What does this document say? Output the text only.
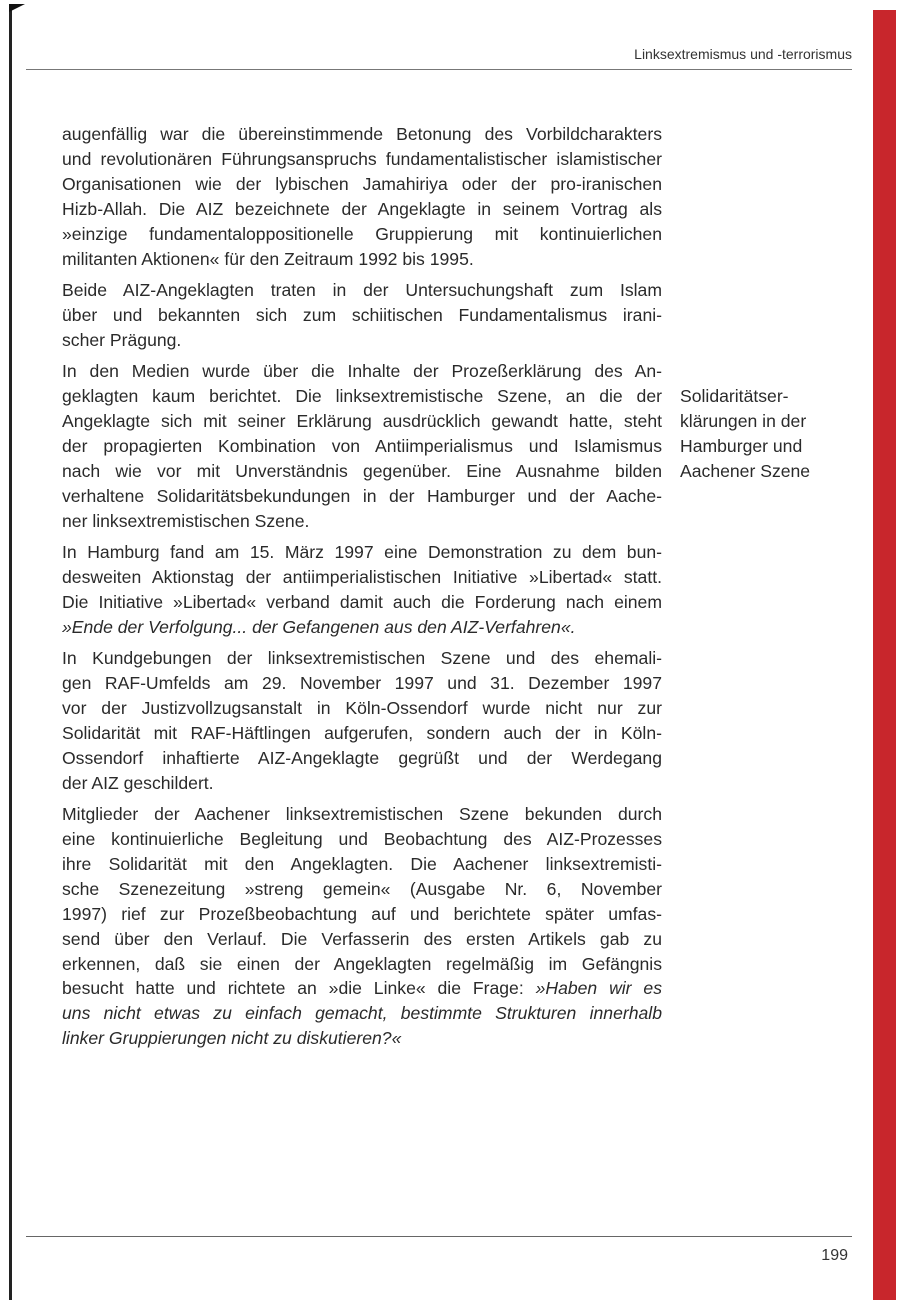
Linksextremismus und -terrorismus
augenfällig war die übereinstimmende Betonung des Vorbildcharakters
und revolutionären Führungsanspruchs fundamentalistischer islamistischer
Organisationen wie der lybischen Jamahiriya oder der pro-iranischen
Hizb-Allah. Die AIZ bezeichnete der Angeklagte in seinem Vortrag als
»einzige fundamentaloppositionelle Gruppierung mit kontinuierlichen
militanten Aktionen« für den Zeitraum 1992 bis 1995.
Beide AIZ-Angeklagten traten in der Untersuchungshaft zum Islam
über und bekannten sich zum schiitischen Fundamentalismus irani-
scher Prägung.
In den Medien wurde über die Inhalte der Prozeßerklärung des An-
geklagten kaum berichtet. Die linksextremistische Szene, an die der
Angeklagte sich mit seiner Erklärung ausdrücklich gewandt hatte, steht
der propagierten Kombination von Antiimperialismus und Islamismus
nach wie vor mit Unverständnis gegenüber. Eine Ausnahme bilden
verhaltene Solidaritätsbekundungen in der Hamburger und der Aache-
ner linksextremistischen Szene.
In Hamburg fand am 15. März 1997 eine Demonstration zu dem bun-
desweiten Aktionstag der antiimperialistischen Initiative »Libertad« statt.
Die Initiative »Libertad« verband damit auch die Forderung nach einem
»Ende der Verfolgung... der Gefangenen aus den AIZ-Verfahren«.
In Kundgebungen der linksextremistischen Szene und des ehemali-
gen RAF-Umfelds am 29. November 1997 und 31. Dezember 1997
vor der Justizvollzugsanstalt in Köln-Ossendorf wurde nicht nur zur
Solidarität mit RAF-Häftlingen aufgerufen, sondern auch der in Köln-
Ossendorf inhaftierte AIZ-Angeklagte gegrüßt und der Werdegang
der AIZ geschildert.
Mitglieder der Aachener linksextremistischen Szene bekunden durch
eine kontinuierliche Begleitung und Beobachtung des AIZ-Prozesses
ihre Solidarität mit den Angeklagten. Die Aachener linksextremisti-
sche Szenezeitung »streng gemein« (Ausgabe Nr. 6, November
1997) rief zur Prozeßbeobachtung auf und berichtete später umfas-
send über den Verlauf. Die Verfasserin des ersten Artikels gab zu
erkennen, daß sie einen der Angeklagten regelmäßig im Gefängnis
besucht hatte und richtete an »die Linke« die Frage: »Haben wir es
uns nicht etwas zu einfach gemacht, bestimmte Strukturen innerhalb
linker Gruppierungen nicht zu diskutieren?«
Solidaritätser-
klärungen in der
Hamburger und
Aachener Szene
199
